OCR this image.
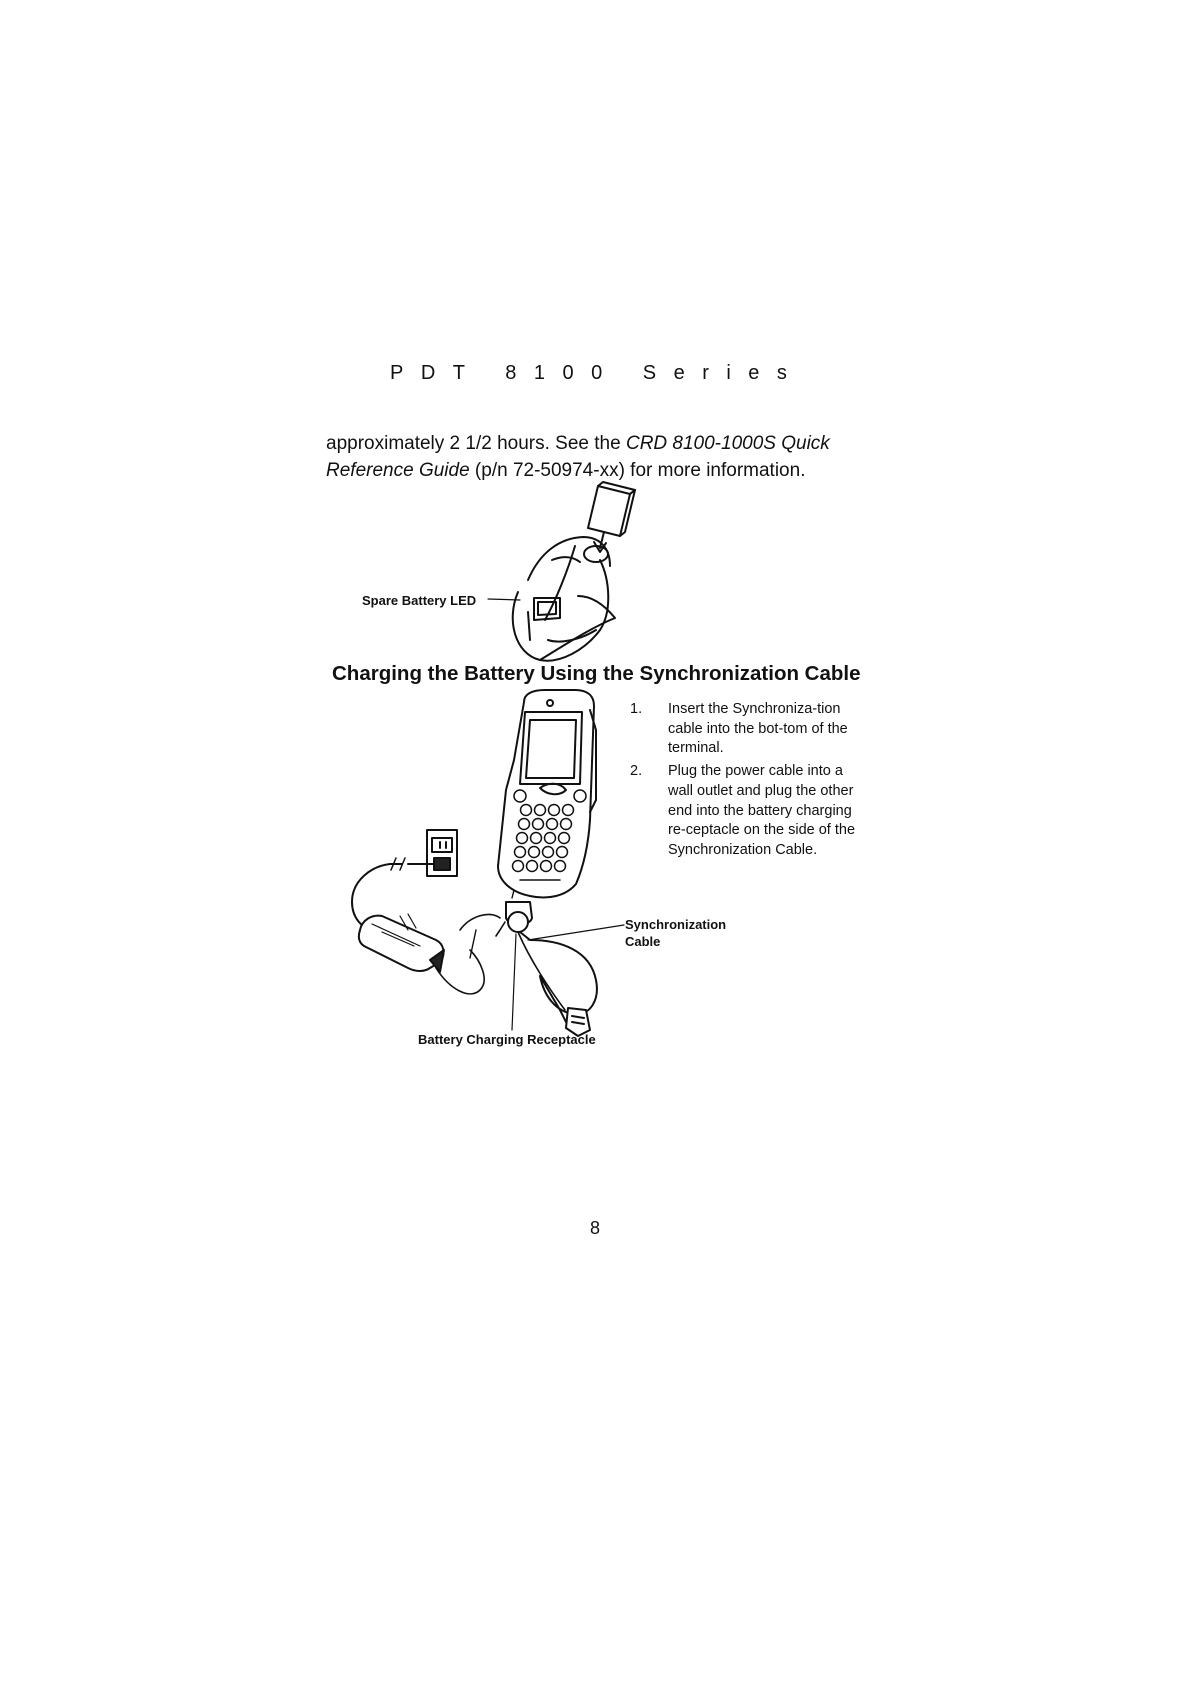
PDT 8100 Series
approximately 2 1/2 hours. See the CRD 8100-1000S Quick Reference Guide (p/n 72-50974-xx) for more information.
Spare Battery LED
Charging the Battery Using the Synchronization Cable
1. Insert the Synchroniza-tion cable into the bot-tom of the terminal.
2. Plug the power cable into a wall outlet and plug the other end into the battery charging re-ceptacle on the side of the Synchronization Cable.
Synchronization
Cable
Battery Charging Receptacle
8
